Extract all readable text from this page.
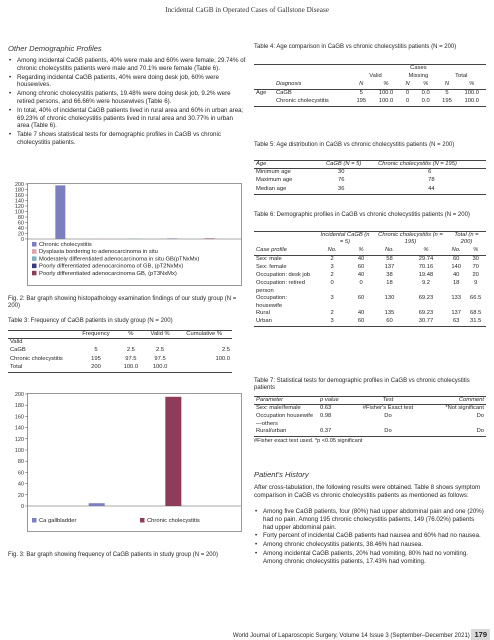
Incidental CaGB in Operated Cases of Gallstone Disease
Other Demographic Profiles
• Among incidental CaGB patients, 40% were male and 60% were female; 29.74% of chronic cholecystitis patients were male and 70.1% were female (Table 6).
• Regarding incidental CaGB patients, 40% were doing desk job, 60% were housewives.
• Among chronic cholecystitis patients, 19.48% were doing desk job, 9.2% were retired persons, and 66.66% were housewives (Table 6).
• In total, 40% of incidental CaGB patients lived in rural area and 60% in urban area; 69.23% of chronic cholecystitis patients lived in rural area and 30.77% in urban area (Table 6).
• Table 7 shows statistical tests for demographic profiles in CaGB vs chronic cholecystitis patients.
0
20
40
60
80
100
120
140
160
180
200
Chronic cholecystitis
Dysplasia bordering to adenocarcinoma in situ
Moderately differentiated adenocarcinoma in situ GB(pTNxMx)
Poorly differentiated adenocarcinoma of GB, (pT2NxMx)
Poorly differentiated adenocarcinoma GB, (pT3NxMx)
Fig. 2: Bar graph showing histopathology examination findings of our study group (N = 200)
Table 3: Frequency of CaGB patients in study group (N = 200)
	Frequency	%	Valid %	Cumulative %
Valid				
CaGB	5	2.5	2.5	2.5
Chronic cholecystitis	195	97.5	97.5	100.0
Total	200	100.0	100.0	
0
20
40
60
80
100
120
140
160
180
200
Ca gallbladder	Chronic cholecystitis
Fig. 3: Bar graph showing frequency of CaGB patients in study group (N = 200)
Table 4: Age comparison in CaGB vs chronic cholecystitis patients (N = 200)
		Cases					
		Valid		Missing		Total	
	Diagnosis	N	%	N	%	N	%
Age	CaGB	5	100.0	0	0.0	5	100.0
	Chronic cholecystitis	195	100.0	0	0.0	195	100.0
Table 5: Age distribution in CaGB vs chronic cholecystitis patients (N = 200)
Age	CaGB (N = 5)	Chronic cholecystitis (N = 195)
Minimum age	30	6
Maximum age	76	78
Median age	36	44
Table 6: Demographic profiles in CaGB vs chronic cholecystitis patients (N = 200)
	Incidental CaGB (n = 5)		Chronic cholecystitis (n = 195)		Total (n = 200)	
Case profile	No.	%	No.	%	No.	%
Sex: male	2	40	58	29.74	60	30
Sex: female	3	60	137	70.16	140	70
Occupation: desk job	2	40	38	19.48	40	20
Occupation: retired person	0	0	18	9.2	18	9
Occupation: housewife	3	60	130	69.23	133	66.5
Rural	2	40	135	69.23	137	68.5
Urban	3	60	60	30.77	63	31.5
Table 7: Statistical tests for demographic profiles in CaGB vs chronic cholecystitis patients
Parameter	p value	Test	Comment
Sex: male/female	0.63	#Fisher's Exact test	*Not significant
Occupation housewife—others	0.98	Do	Do
Rural/urban	0.37	Do	Do
#Fisher exact test used. *p <0.05 significant
Patient's History
After cross-tabulation, the following results were obtained. Table 8 shows symptom comparison in CaGB vs chronic cholecystitis patients as mentioned as follows:
• Among five CaGB patients, four (80%) had upper abdominal pain and one (20%) had no pain. Among 195 chronic cholecystitis patients, 149 (76.02%) patients had upper abdominal pain.
• Forty percent of incidental CaGB patients had nausea and 60% had no nausea.
• Among chronic cholecystitis patients, 38.46% had nausea.
• Among incidental CaGB patients, 20% had vomiting, 80% had no vomiting. Among chronic cholecystitis patients, 17.43% had vomiting.
World Journal of Laparoscopic Surgery, Volume 14 Issue 3 (September–December 2021) 179
